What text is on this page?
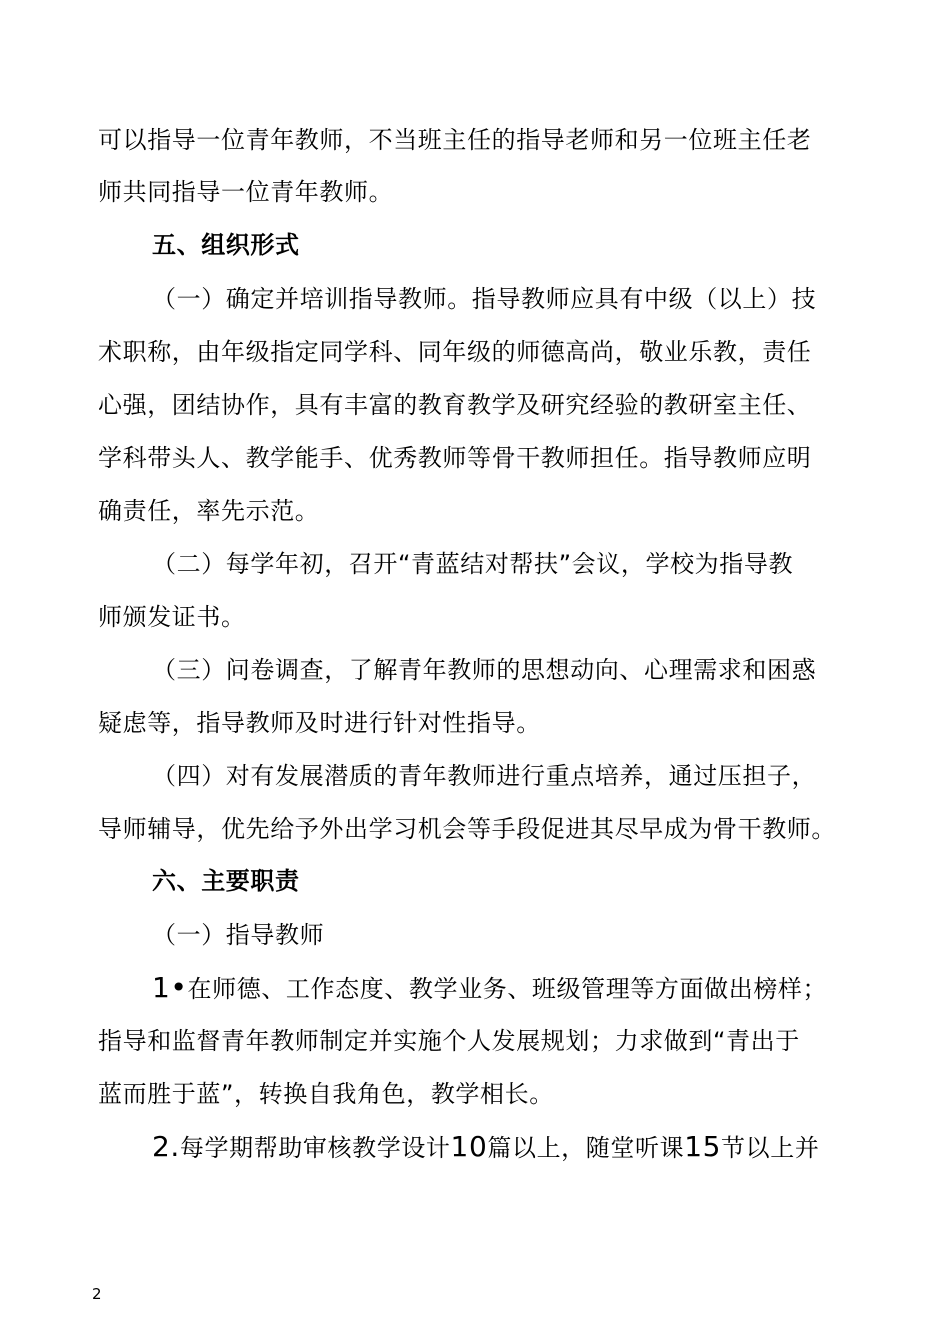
可以指导一位青年教师，不当班主任的指导老师和另一位班主任老
师共同指导一位青年教师。
五、组织形式
（一）确定并培训指导教师。指导教师应具有中级（以上）技
术职称，由年级指定同学科、同年级的师德高尚，敬业乐教，责任
心强，团结协作，具有丰富的教育教学及研究经验的教研室主任、
学科带头人、教学能手、优秀教师等骨干教师担任。指导教师应明
确责任，率先示范。
（二）每学年初，召开“青蓝结对帮扶”会议，学校为指导教
师颁发证书。
（三）问卷调查，了解青年教师的思想动向、心理需求和困惑
疑虑等，指导教师及时进行针对性指导。
（四）对有发展潜质的青年教师进行重点培养，通过压担子，
导师辅导，优先给予外出学习机会等手段促进其尽早成为骨干教师。
六、主要职责
（一）指导教师
1•在师德、工作态度、教学业务、班级管理等方面做出榜样；
指导和监督青年教师制定并实施个人发展规划；力求做到“青出于
蓝而胜于蓝”，转换自我角色，教学相长。
2.每学期帮助审核教学设计10篇以上，随堂听课15节以上并
2
